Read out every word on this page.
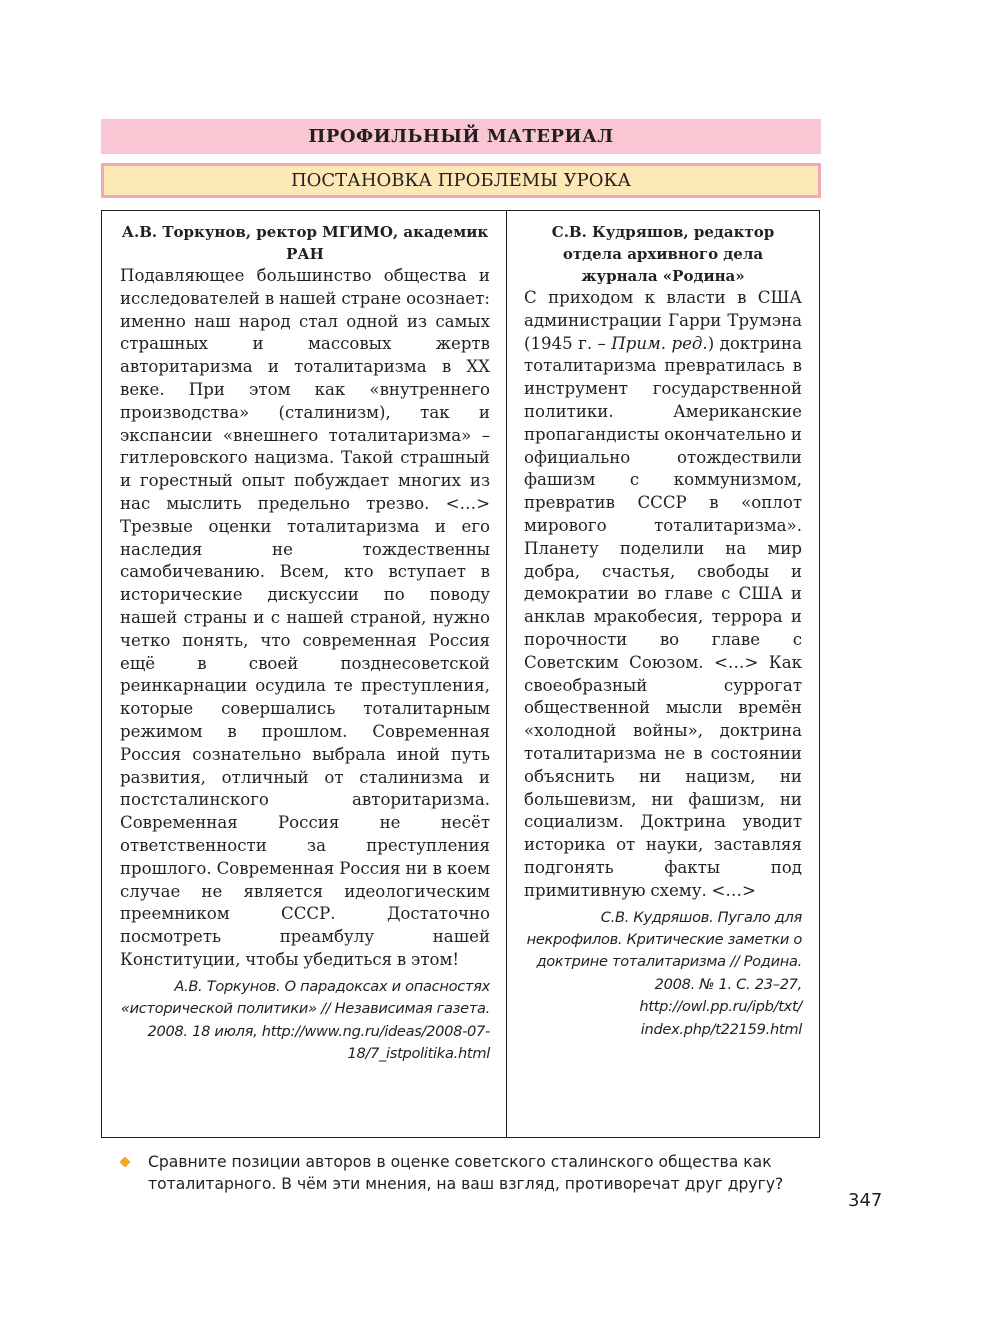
ПРОФИЛЬНЫЙ МАТЕРИАЛ
ПОСТАНОВКА ПРОБЛЕМЫ УРОКА

А.В. Торкунов, ректор МГИМО, академик РАН

Подавляющее большинство общества и исследователей в нашей стране осознает: именно наш народ стал одной из самых страшных и массовых жертв авторитаризма и тоталитаризма в XX веке. При этом как «внутреннего производства» (сталинизм), так и экспансии «внешнего тоталитаризма» – гитлеровского нацизма. Такой страшный и горестный опыт побуждает многих из нас мыслить предельно трезво. <…> Трезвые оценки тоталитаризма и его наследия не тождественны самобичеванию. Всем, кто вступает в исторические дискуссии по поводу нашей страны и с нашей страной, нужно четко понять, что современная Россия ещё в своей позднесоветской реинкарнации осудила те преступления, которые совершались тоталитарным режимом в прошлом. Современная Россия сознательно выбрала иной путь развития, отличный от сталинизма и постсталинского авторитаризма. Современная Россия не несёт ответственности за преступления прошлого. Современная Россия ни в коем случае не является идеологическим преемником СССР. Достаточно посмотреть преамбулу нашей Конституции, чтобы убедиться в этом!

А.В. Торкунов. О парадоксах и опасностях «исторической политики» // Независимая газета. 2008. 18 июля, http://www.ng.ru/ideas/2008-07-18/7_istpolitika.html

С.В. Кудряшов, редактор отдела архивного дела журнала «Родина»

С приходом к власти в США администрации Гарри Трумэна (1945 г. – Прим. ред.) доктрина тоталитаризма превратилась в инструмент государственной политики. Американские пропагандисты окончательно и официально отождествили фашизм с коммунизмом, превратив СССР в «оплот мирового тоталитаризма». Планету поделили на мир добра, счастья, свободы и демократии во главе с США и анклав мракобесия, террора и порочности во главе с Советским Союзом. <…> Как своеобразный суррогат общественной мысли времён «холодной войны», доктрина тоталитаризма не в состоянии объяснить ни нацизм, ни большевизм, ни фашизм, ни социализм. Доктрина уводит историка от науки, заставляя подгонять факты под примитивную схему. <…>

С.В. Кудряшов. Пугало для некрофилов. Критические заметки о доктрине тоталитаризма // Родина. 2008. № 1. С. 23–27, http://owl.pp.ru/ipb/txt/ index.php/t22159.html

Сравните позиции авторов в оценке советского сталинского общества как тоталитарного. В чём эти мнения, на ваш взгляд, противоречат друг другу?
347
